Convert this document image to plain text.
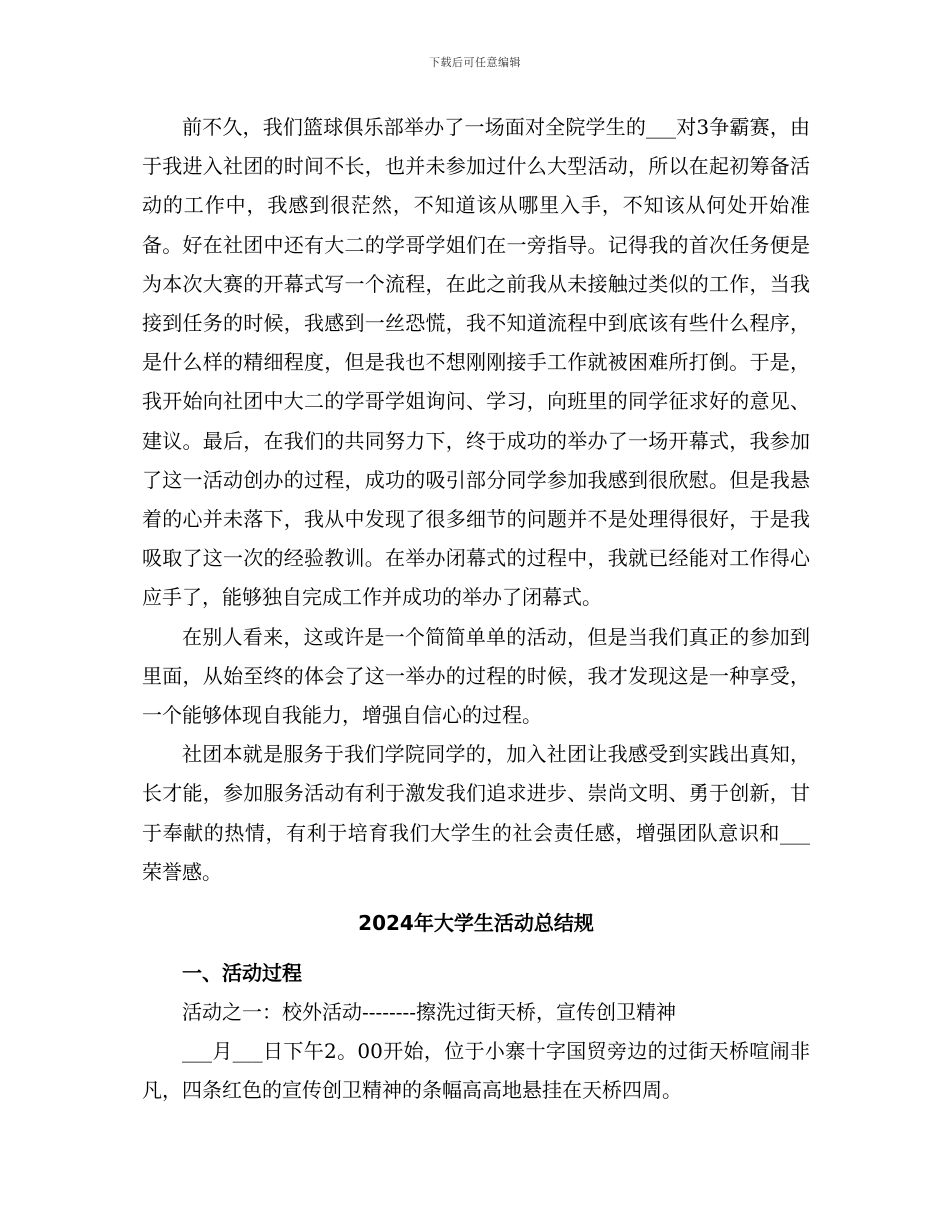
下载后可任意编辑

前不久，我们篮球俱乐部举办了一场面对全院学生的___对3争霸赛，由于我进入社团的时间不长，也并未参加过什么大型活动，所以在起初筹备活动的工作中，我感到很茫然，不知道该从哪里入手，不知该从何处开始准备。好在社团中还有大二的学哥学姐们在一旁指导。记得我的首次任务便是为本次大赛的开幕式写一个流程，在此之前我从未接触过类似的工作，当我接到任务的时候，我感到一丝恐慌，我不知道流程中到底该有些什么程序，是什么样的精细程度，但是我也不想刚刚接手工作就被困难所打倒。于是，我开始向社团中大二的学哥学姐询问、学习，向班里的同学征求好的意见、建议。最后，在我们的共同努力下，终于成功的举办了一场开幕式，我参加了这一活动创办的过程，成功的吸引部分同学参加我感到很欣慰。但是我悬着的心并未落下，我从中发现了很多细节的问题并不是处理得很好，于是我吸取了这一次的经验教训。在举办闭幕式的过程中，我就已经能对工作得心应手了，能够独自完成工作并成功的举办了闭幕式。

在别人看来，这或许是一个简简单单的活动，但是当我们真正的参加到里面，从始至终的体会了这一举办的过程的时候，我才发现这是一种享受，一个能够体现自我能力，增强自信心的过程。

社团本就是服务于我们学院同学的，加入社团让我感受到实践出真知，长才能，参加服务活动有利于激发我们追求进步、崇尚文明、勇于创新，甘于奉献的热情，有利于培育我们大学生的社会责任感，增强团队意识和___荣誉感。

2024年大学生活动总结规
一、活动过程

活动之一：校外活动--------擦洗过街天桥，宣传创卫精神

___月___日下午2。00开始，位于小寨十字国贸旁边的过街天桥喧闹非凡，四条红色的宣传创卫精神的条幅高高地悬挂在天桥四周。
